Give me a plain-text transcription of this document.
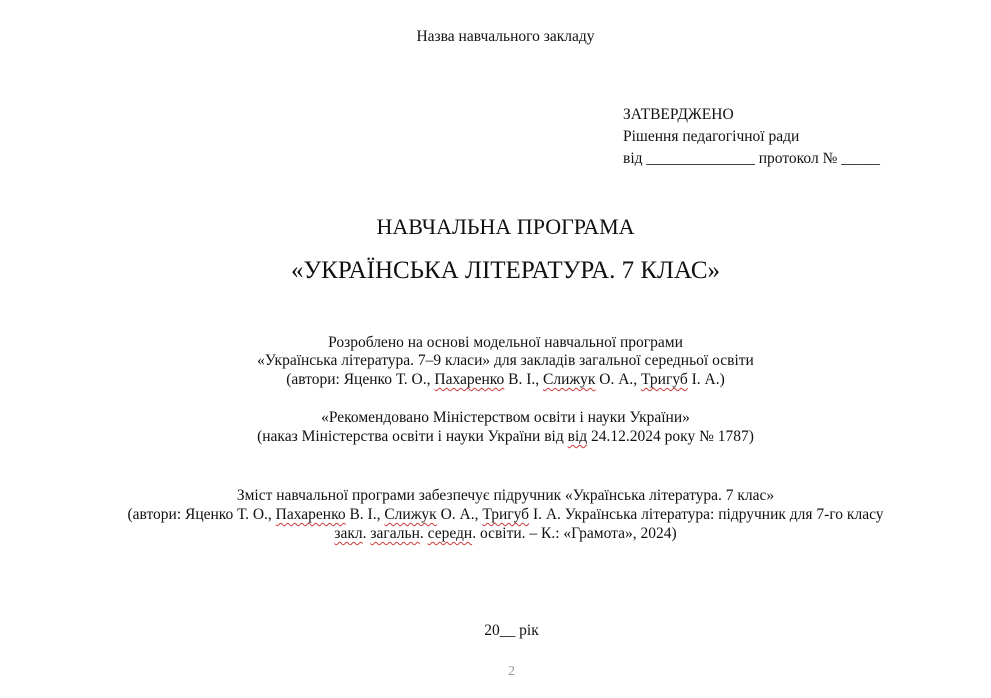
Назва навчального закладу
ЗАТВЕРДЖЕНО
Рішення педагогічної ради
від ______________ протокол № _____
НАВЧАЛЬНА ПРОГРАМА
«УКРАЇНСЬКА ЛІТЕРАТУРА. 7 КЛАС»
Розроблено на основі модельної навчальної програми
«Українська література. 7–9 класи» для закладів загальної середньої освіти
(автори: Яценко Т. О., Пахаренко В. І., Слижук О. А., Тригуб І. А.)
«Рекомендовано Міністерством освіти і науки України»
(наказ Міністерства освіти і науки України від від 24.12.2024 року № 1787)
Зміст навчальної програми забезпечує підручник «Українська література. 7 клас»
(автори: Яценко Т. О., Пахаренко В. І., Слижук О. А., Тригуб І. А. Українська література: підручник для 7-го класу
закл. загальн. середн. освіти. – К.: «Грамота», 2024)
20__ рік
2
